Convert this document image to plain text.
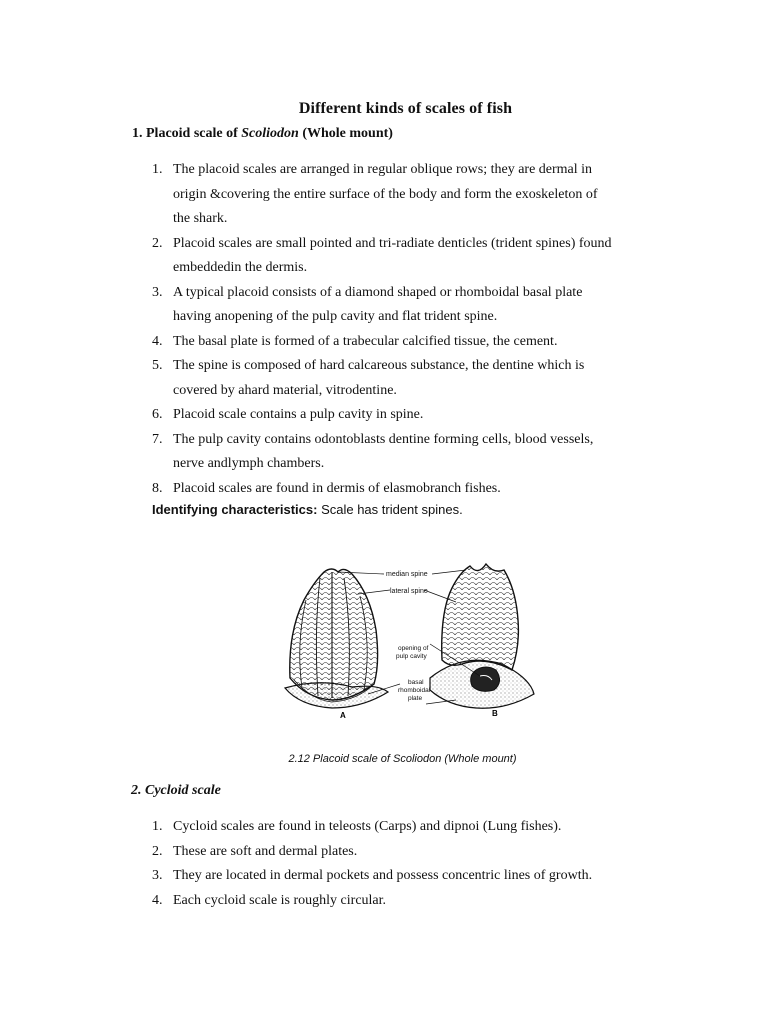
Different kinds of scales of fish
1. Placoid scale of Scoliodon (Whole mount)
1. The placoid scales are arranged in regular oblique rows; they are dermal in
origin &covering the entire surface of the body and form the exoskeleton of
the shark.
2. Placoid scales are small pointed and tri-radiate denticles (trident spines) found
embeddedin the dermis.
3. A typical placoid consists of a diamond shaped or rhomboidal basal plate
having anopening of the pulp cavity and flat trident spine.
4. The basal plate is formed of a trabecular calcified tissue, the cement.
5. The spine is composed of hard calcareous substance, the dentine which is
covered by ahard material, vitrodentine.
6. Placoid scale contains a pulp cavity in spine.
7. The pulp cavity contains odontoblasts dentine forming cells, blood vessels,
nerve andlymph chambers.
8. Placoid scales are found in dermis of elasmobranch fishes.
Identifying characteristics: Scale has trident spines.
A	B
median spine
lateral spine
opening of
pulp cavity
basal
rhomboidal
plate
2.12 Placoid scale of Scoliodon (Whole mount)
2. Cycloid scale
1. Cycloid scales are found in teleosts (Carps) and dipnoi (Lung fishes).
2. These are soft and dermal plates.
3. They are located in dermal pockets and possess concentric lines of growth.
4. Each cycloid scale is roughly circular.
